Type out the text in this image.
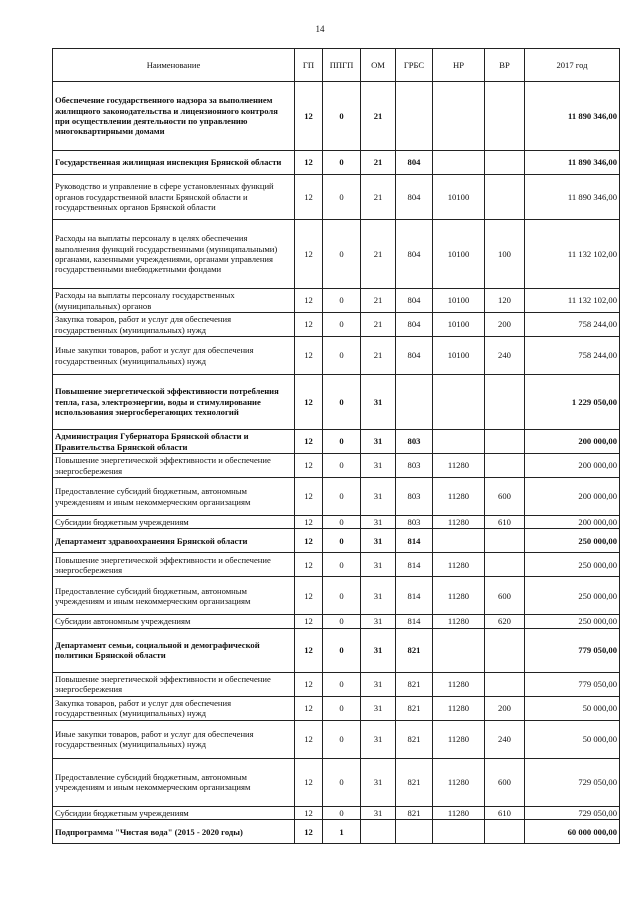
14
Наименование	ГП	ППГП	ОМ	ГРБС	НР	ВР	2017 год
Обеспечение государственного надзора за выполнением жилищного законодательства и лицензионного контроля при осуществлении деятельности по управлению многоквартирными домами	12	0	21				11 890 346,00
Государственная жилищная инспекция Брянской области	12	0	21	804			11 890 346,00
Руководство и управление в сфере установленных функций органов государственной власти Брянской области и государственных органов Брянской области	12	0	21	804	10100		11 890 346,00
Расходы на выплаты персоналу в целях обеспечения выполнения функций государственными (муниципальными) органами, казенными учреждениями, органами управления государственными внебюджетными фондами	12	0	21	804	10100	100	11 132 102,00
Расходы на выплаты персоналу государственных (муниципальных) органов	12	0	21	804	10100	120	11 132 102,00
Закупка товаров, работ и услуг для обеспечения государственных (муниципальных) нужд	12	0	21	804	10100	200	758 244,00
Иные закупки товаров, работ и услуг для обеспечения государственных (муниципальных) нужд	12	0	21	804	10100	240	758 244,00
Повышение энергетической эффективности потребления тепла, газа, электроэнергии, воды и стимулирование использования энергосберегающих технологий	12	0	31				1 229 050,00
Администрация Губернатора Брянской области и Правительства Брянской области	12	0	31	803			200 000,00
Повышение энергетической эффективности и обеспечение энергосбережения	12	0	31	803	11280		200 000,00
Предоставление субсидий бюджетным, автономным учреждениям и иным некоммерческим организациям	12	0	31	803	11280	600	200 000,00
Субсидии бюджетным учреждениям	12	0	31	803	11280	610	200 000,00
Департамент здравоохранения Брянской области	12	0	31	814			250 000,00
Повышение энергетической эффективности и обеспечение энергосбережения	12	0	31	814	11280		250 000,00
Предоставление субсидий бюджетным, автономным учреждениям и иным некоммерческим организациям	12	0	31	814	11280	600	250 000,00
Субсидии автономным учреждениям	12	0	31	814	11280	620	250 000,00
Департамент семьи, социальной и демографической политики Брянской области	12	0	31	821			779 050,00
Повышение энергетической эффективности и обеспечение энергосбережения	12	0	31	821	11280		779 050,00
Закупка товаров, работ и услуг для обеспечения государственных (муниципальных) нужд	12	0	31	821	11280	200	50 000,00
Иные закупки товаров, работ и услуг для обеспечения государственных (муниципальных) нужд	12	0	31	821	11280	240	50 000,00
Предоставление субсидий бюджетным, автономным учреждениям и иным некоммерческим организациям	12	0	31	821	11280	600	729 050,00
Субсидии бюджетным учреждениям	12	0	31	821	11280	610	729 050,00
Подпрограмма "Чистая вода" (2015 - 2020 годы)	12	1					60 000 000,00
